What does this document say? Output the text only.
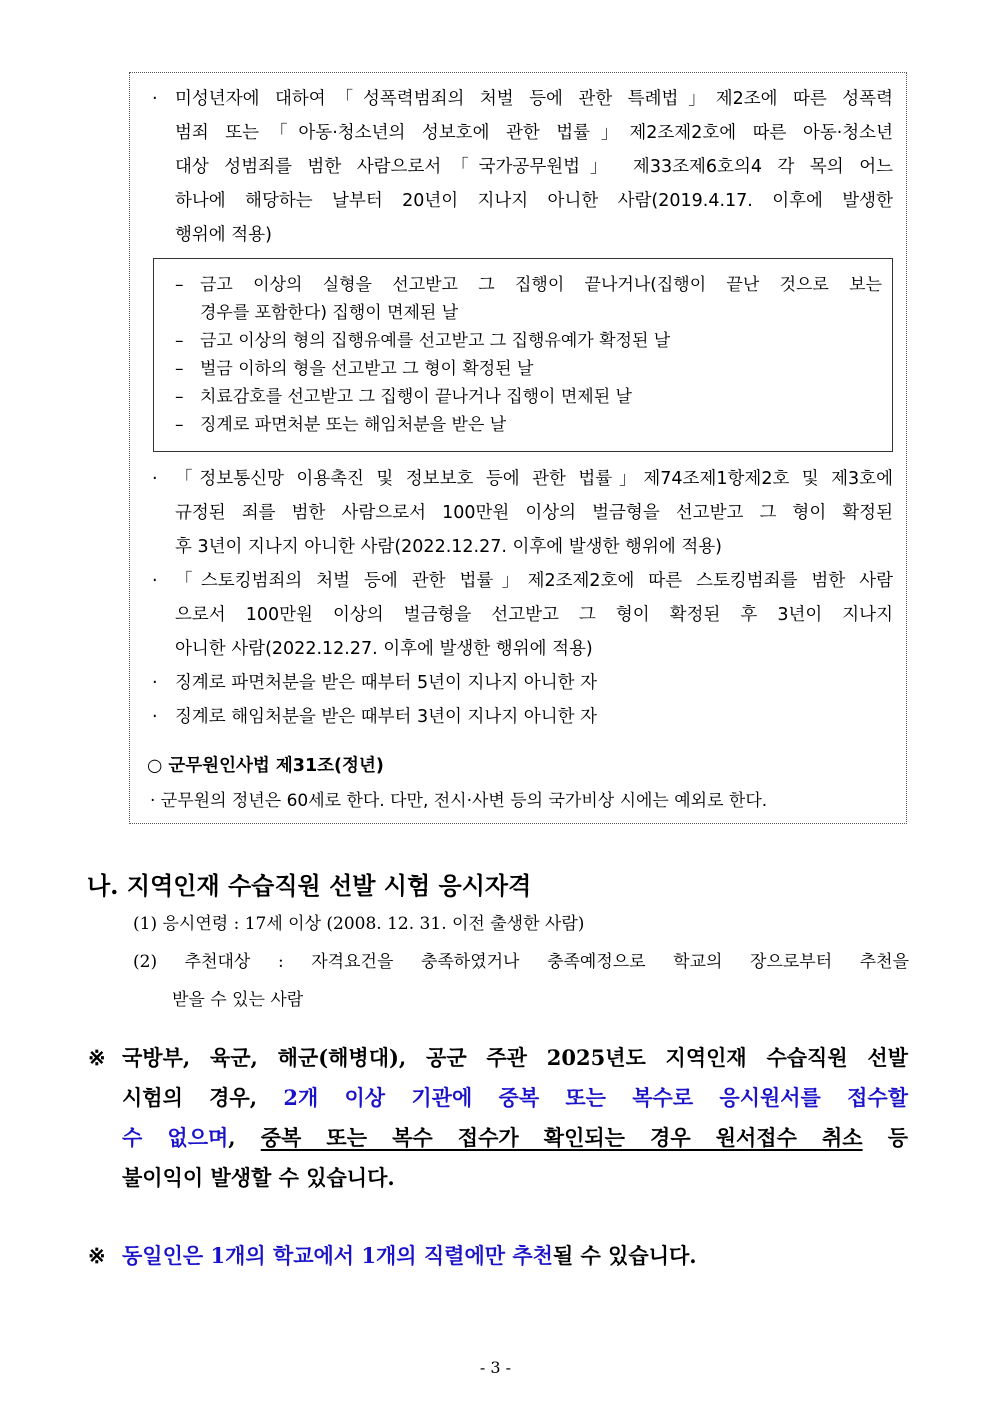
· 미성년자에 대하여「성폭력범죄의 처벌 등에 관한 특례법」제2조에 따른 성폭력
범죄 또는「아동·청소년의 성보호에 관한 법률」제2조제2호에 따른 아동·청소년
대상 성범죄를 범한 사람으로서「국가공무원법」 제33조제6호의4 각 목의 어느
하나에 해당하는 날부터 20년이 지나지 아니한 사람(2019.4.17. 이후에 발생한
행위에 적용)
– 금고 이상의 실형을 선고받고 그 집행이 끝나거나(집행이 끝난 것으로 보는
경우를 포함한다) 집행이 면제된 날
– 금고 이상의 형의 집행유예를 선고받고 그 집행유예가 확정된 날
– 벌금 이하의 형을 선고받고 그 형이 확정된 날
– 치료감호를 선고받고 그 집행이 끝나거나 집행이 면제된 날
– 징계로 파면처분 또는 해임처분을 받은 날
· 「정보통신망 이용촉진 및 정보보호 등에 관한 법률」제74조제1항제2호 및 제3호에
규정된 죄를 범한 사람으로서 100만원 이상의 벌금형을 선고받고 그 형이 확정된
후 3년이 지나지 아니한 사람(2022.12.27. 이후에 발생한 행위에 적용)
· 「스토킹범죄의 처벌 등에 관한 법률」제2조제2호에 따른 스토킹범죄를 범한 사람
으로서 100만원 이상의 벌금형을 선고받고 그 형이 확정된 후 3년이 지나지
아니한 사람(2022.12.27. 이후에 발생한 행위에 적용)
· 징계로 파면처분을 받은 때부터 5년이 지나지 아니한 자
· 징계로 해임처분을 받은 때부터 3년이 지나지 아니한 자
○ 군무원인사법 제31조(정년)
· 군무원의 정년은 60세로 한다. 다만, 전시·사변 등의 국가비상 시에는 예외로 한다.
나. 지역인재 수습직원 선발 시험 응시자격
(1) 응시연령 : 17세 이상 (2008. 12. 31. 이전 출생한 사람)
(2) 추천대상 : 자격요건을 충족하였거나 충족예정으로 학교의 장으로부터 추천을
받을 수 있는 사람
※ 국방부, 육군, 해군(해병대), 공군 주관 2025년도 지역인재 수습직원 선발
시험의 경우, 2개 이상 기관에 중복 또는 복수로 응시원서를 접수할
수 없으며, 중복 또는 복수 접수가 확인되는 경우 원서접수 취소 등
불이익이 발생할 수 있습니다.
※ 동일인은 1개의 학교에서 1개의 직렬에만 추천될 수 있습니다.
- 3 -
